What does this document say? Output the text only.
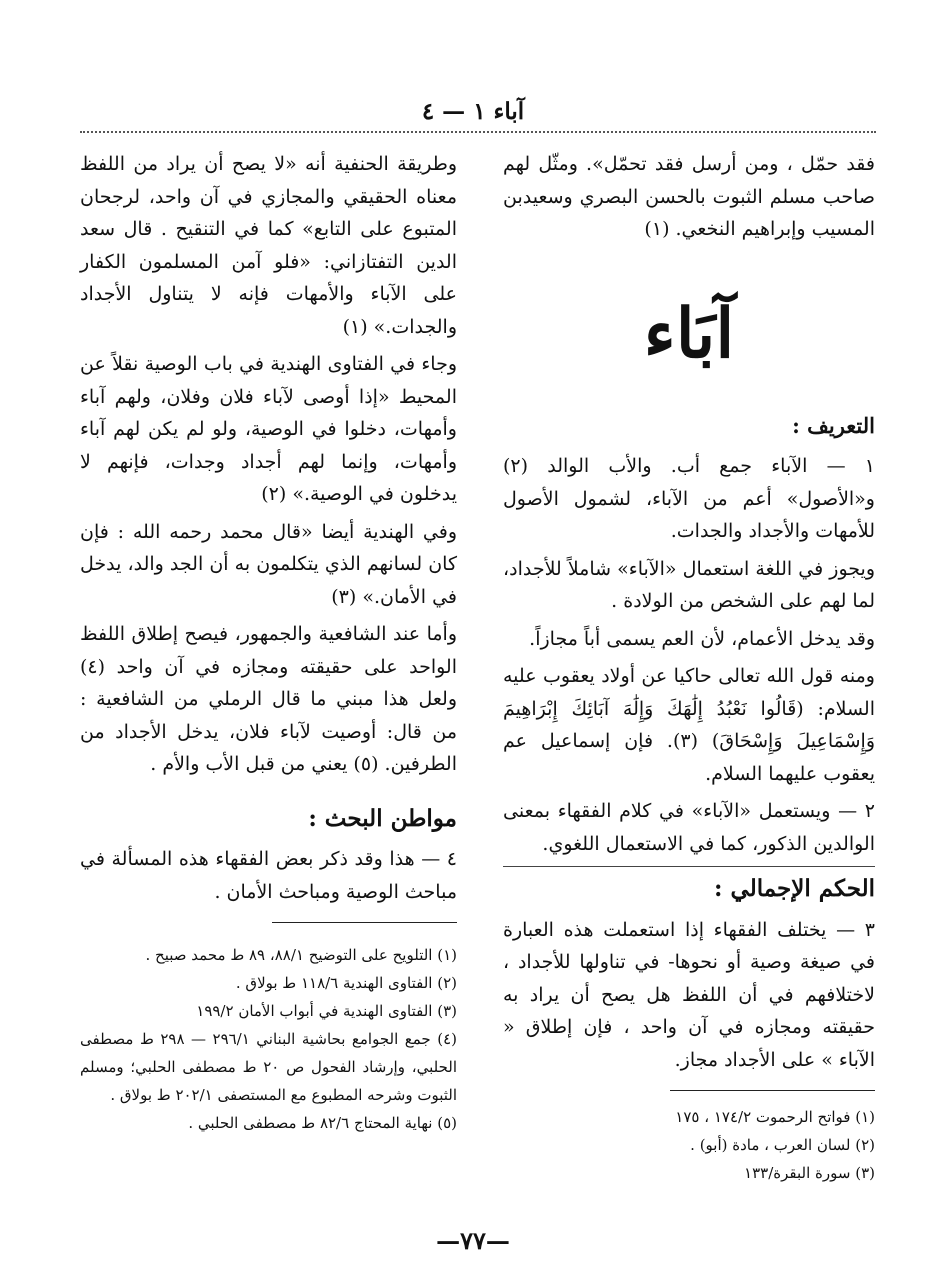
آباء ١ — ٤

فقد حمّل ، ومن أرسل فقد تحمّل». ومثّل لهم صاحب مسلم الثبوت بالحسن البصري وسعيدبن المسيب وإبراهيم النخعي. (١)

آبَاء
التعريف :

١ — الآباء جمع أب. والأب الوالد (٢) و«الأصول» أعم من الآباء، لشمول الأصول للأمهات والأجداد والجدات.

ويجوز في اللغة استعمال «الآباء» شاملاً للأجداد، لما لهم على الشخص من الولادة .

وقد يدخل الأعمام، لأن العم يسمى أباً مجازاً.

ومنه قول الله تعالى حاكيا عن أولاد يعقوب عليه السلام: (قَالُوا نَعْبُدُ إِلَٰهَكَ وَإِلَٰهَ آبَائِكَ إِبْرَاهِيمَ وَإِسْمَاعِيلَ وَإِسْحَاقَ) (٣). فإن إسماعيل عم يعقوب عليهما السلام.

٢ — ويستعمل «الآباء» في كلام الفقهاء بمعنى الوالدين الذكور، كما في الاستعمال اللغوي.

الحكم الإجمالي :

٣ — يختلف الفقهاء إذا استعملت هذه العبارة في صيغة وصية أو نحوها- في تناولها للأجداد ، لاختلافهم في أن اللفظ هل يصح أن يراد به حقيقته ومجازه في آن واحد ، فإن إطلاق « الآباء » على الأجداد مجاز.

(١) فواتح الرحموت ١٧٤/٢ ، ١٧٥
(٢) لسان العرب ، مادة (أبو) .
(٣) سورة البقرة/١٣٣

وطريقة الحنفية أنه «لا يصح أن يراد من اللفظ معناه الحقيقي والمجازي في آن واحد، لرجحان المتبوع على التابع» كما في التنقيح . قال سعد الدين التفتازاني: «فلو آمن المسلمون الكفار على الآباء والأمهات فإنه لا يتناول الأجداد والجدات.» (١)

وجاء في الفتاوى الهندية في باب الوصية نقلاً عن المحيط «إذا أوصى لآباء فلان وفلان، ولهم آباء وأمهات، دخلوا في الوصية، ولو لم يكن لهم آباء وأمهات، وإنما لهم أجداد وجدات، فإنهم لا يدخلون في الوصية.» (٢)

وفي الهندية أيضا «قال محمد رحمه الله : فإن كان لسانهم الذي يتكلمون به أن الجد والد، يدخل في الأمان.» (٣)

وأما عند الشافعية والجمهور، فيصح إطلاق اللفظ الواحد على حقيقته ومجازه في آن واحد (٤) ولعل هذا مبني ما قال الرملي من الشافعية : من قال: أوصيت لآباء فلان، يدخل الأجداد من الطرفين. (٥) يعني من قبل الأب والأم .

مواطن البحث :

٤ — هذا وقد ذكر بعض الفقهاء هذه المسألة في مباحث الوصية ومباحث الأمان .

(١) التلويح على التوضيح ٨٨/١، ٨٩ ط محمد صبيح .
(٢) الفتاوى الهندية ١١٨/٦ ط بولاق .
(٣) الفتاوى الهندية في أبواب الأمان ١٩٩/٢
(٤) جمع الجوامع بحاشية البناني ٢٩٦/١ — ٢٩٨ ط مصطفى الحلبي، وإرشاد الفحول ص ٢٠ ط مصطفى الحلبي؛ ومسلم الثبوت وشرحه المطبوع مع المستصفى ٢٠٢/١ ط بولاق .
(٥) نهاية المحتاج ٨٢/٦ ط مصطفى الحلبي .
—٧٧—
